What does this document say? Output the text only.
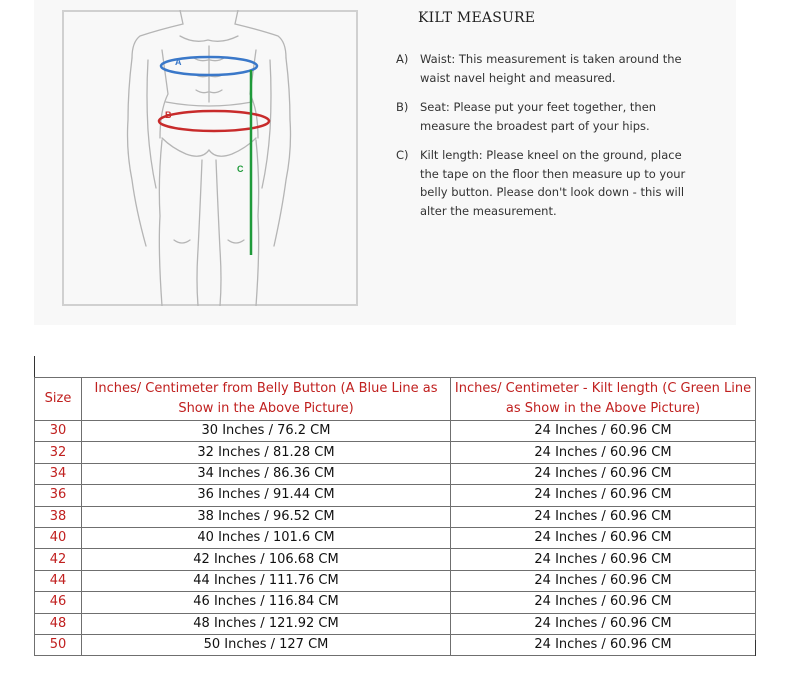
A
B
C
KILT MEASURE
A)	Waist: This measurement is taken around the waist navel height and measured.
B)	Seat: Please put your feet together, then measure the broadest part of your hips.
C) Kilt length: Please kneel on the ground, place the tape on the floor then measure up to your belly button. Please don't look down - this will alter the measurement.
Size	Inches/ Centimeter from Belly Button (A Blue Line as Show in the Above Picture)	Inches/ Centimeter - Kilt length (C Green Line as Show in the Above Picture)
30	30 Inches / 76.2 CM	24 Inches / 60.96 CM
32	32 Inches / 81.28 CM	24 Inches / 60.96 CM
34	34 Inches / 86.36 CM	24 Inches / 60.96 CM
36	36 Inches / 91.44 CM	24 Inches / 60.96 CM
38	38 Inches / 96.52 CM	24 Inches / 60.96 CM
40	40 Inches / 101.6 CM	24 Inches / 60.96 CM
42	42 Inches / 106.68 CM	24 Inches / 60.96 CM
44	44 Inches / 111.76 CM	24 Inches / 60.96 CM
46	46 Inches / 116.84 CM	24 Inches / 60.96 CM
48	48 Inches / 121.92 CM	24 Inches / 60.96 CM
50	50 Inches / 127 CM	24 Inches / 60.96 CM
